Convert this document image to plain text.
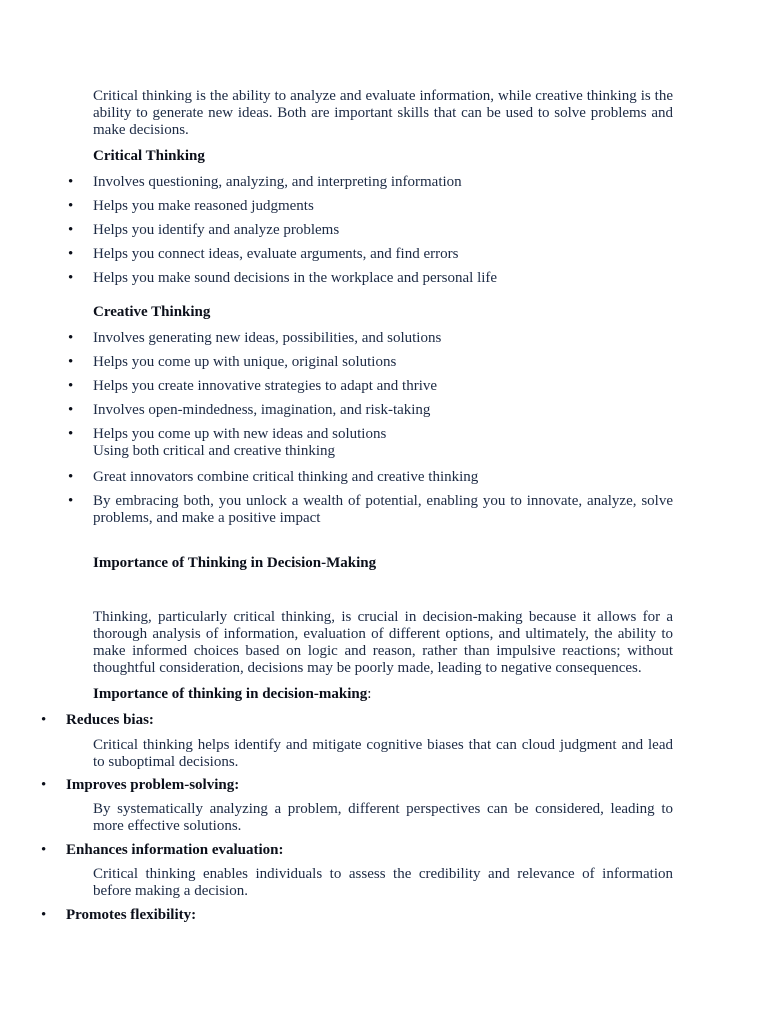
Critical thinking is the ability to analyze and evaluate information, while creative thinking is the ability to generate new ideas. Both are important skills that can be used to solve problems and make decisions.
Critical Thinking
• Involves questioning, analyzing, and interpreting information
• Helps you make reasoned judgments
• Helps you identify and analyze problems
• Helps you connect ideas, evaluate arguments, and find errors
• Helps you make sound decisions in the workplace and personal life
Creative Thinking
• Involves generating new ideas, possibilities, and solutions
• Helps you come up with unique, original solutions
• Helps you create innovative strategies to adapt and thrive
• Involves open-mindedness, imagination, and risk-taking
• Helps you come up with new ideas and solutions
Using both critical and creative thinking
• Great innovators combine critical thinking and creative thinking
• By embracing both, you unlock a wealth of potential, enabling you to innovate, analyze, solve problems, and make a positive impact
Importance of Thinking in Decision-Making
Thinking, particularly critical thinking, is crucial in decision-making because it allows for a thorough analysis of information, evaluation of different options, and ultimately, the ability to make informed choices based on logic and reason, rather than impulsive reactions; without thoughtful consideration, decisions may be poorly made, leading to negative consequences.
Importance of thinking in decision-making:
• Reduces bias:
Critical thinking helps identify and mitigate cognitive biases that can cloud judgment and lead to suboptimal decisions.
• Improves problem-solving:
By systematically analyzing a problem, different perspectives can be considered, leading to more effective solutions.
• Enhances information evaluation:
Critical thinking enables individuals to assess the credibility and relevance of information before making a decision.
• Promotes flexibility:
